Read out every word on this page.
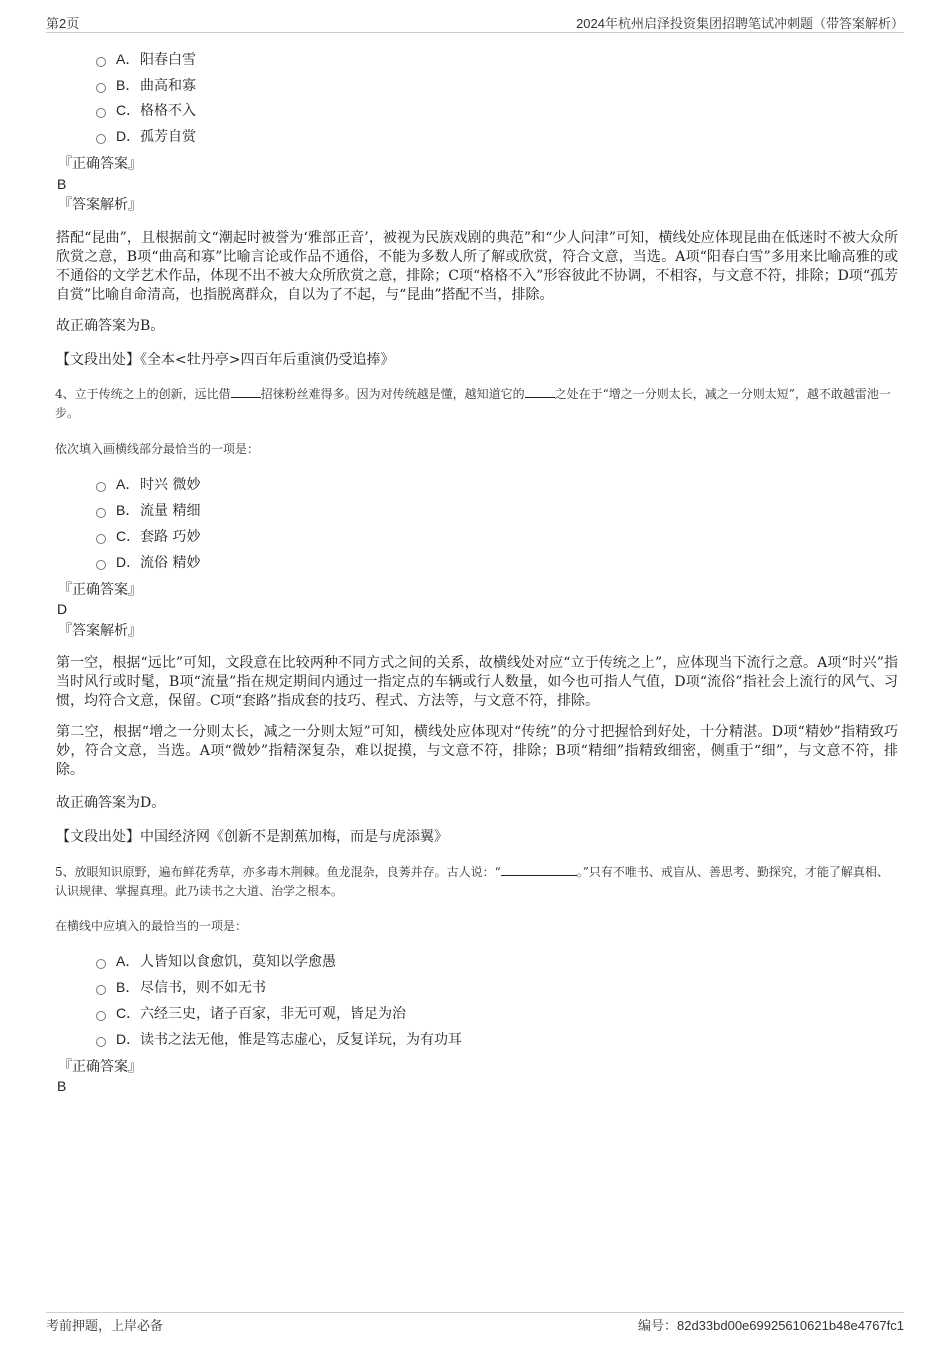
第2页	2024年杭州启泽投资集团招聘笔试冲刺题（带答案解析）
A．阳春白雪
B．曲高和寡
C．格格不入
D．孤芳自赏
『正确答案』
B
『答案解析』
搭配“昆曲”，且根据前文“潮起时被誉为‘雅部正音’，被视为民族戏剧的典范”和“少人问津”可知，横线处应体现昆曲在低迷时不被大众所欣赏之意，B项“曲高和寡”比喻言论或作品不通俗，不能为多数人所了解或欣赏，符合文意，当选。A项“阳春白雪”多用来比喻高雅的或不通俗的文学艺术作品，体现不出不被大众所欣赏之意，排除；C项“格格不入”形容彼此不协调，不相容，与文意不符，排除；D项“孤芳自赏”比喻自命清高，也指脱离群众，自以为了不起，与“昆曲”搭配不当，排除。
故正确答案为B。
【文段出处】《全本<牡丹亭>四百年后重演仍受追捧》
4、立于传统之上的创新，远比借	招徕粉丝难得多。因为对传统越是懂，越知道它的	之处在于“增之一分则太长，减之一分则太短”，越不敢越雷池一步。
依次填入画横线部分最恰当的一项是：
A．时兴 微妙
B．流量 精细
C．套路 巧妙
D．流俗 精妙
『正确答案』
D
『答案解析』
第一空，根据“远比”可知，文段意在比较两种不同方式之间的关系，故横线处对应“立于传统之上”，应体现当下流行之意。A项“时兴”指当时风行或时髦，B项“流量”指在规定期间内通过一指定点的车辆或行人数量，如今也可指人气值，D项“流俗”指社会上流行的风气、习惯，均符合文意，保留。C项“套路”指成套的技巧、程式、方法等，与文意不符，排除。
第二空，根据“增之一分则太长，减之一分则太短”可知，横线处应体现对“传统”的分寸把握恰到好处，十分精湛。D项“精妙”指精致巧妙，符合文意，当选。A项“微妙”指精深复杂，难以捉摸，与文意不符，排除；B项“精细”指精致细密，侧重于“细”，与文意不符，排除。
故正确答案为D。
【文段出处】中国经济网《创新不是割蕉加梅，而是与虎添翼》
5、放眼知识原野，遍布鲜花秀草，亦多毒木荆棘。鱼龙混杂，良莠并存。古人说：“	。”只有不唯书、戒盲从、善思考、勤探究，才能了解真相、认识规律、掌握真理。此乃读书之大道、治学之根本。
在横线中应填入的最恰当的一项是：
A．人皆知以食愈饥，莫知以学愈愚
B．尽信书，则不如无书
C．六经三史，诸子百家，非无可观，皆足为治
D．读书之法无他，惟是笃志虚心，反复详玩，为有功耳
『正确答案』
B
考前押题，上岸必备	编号：82d33bd00e69925610621b48e4767fc1
